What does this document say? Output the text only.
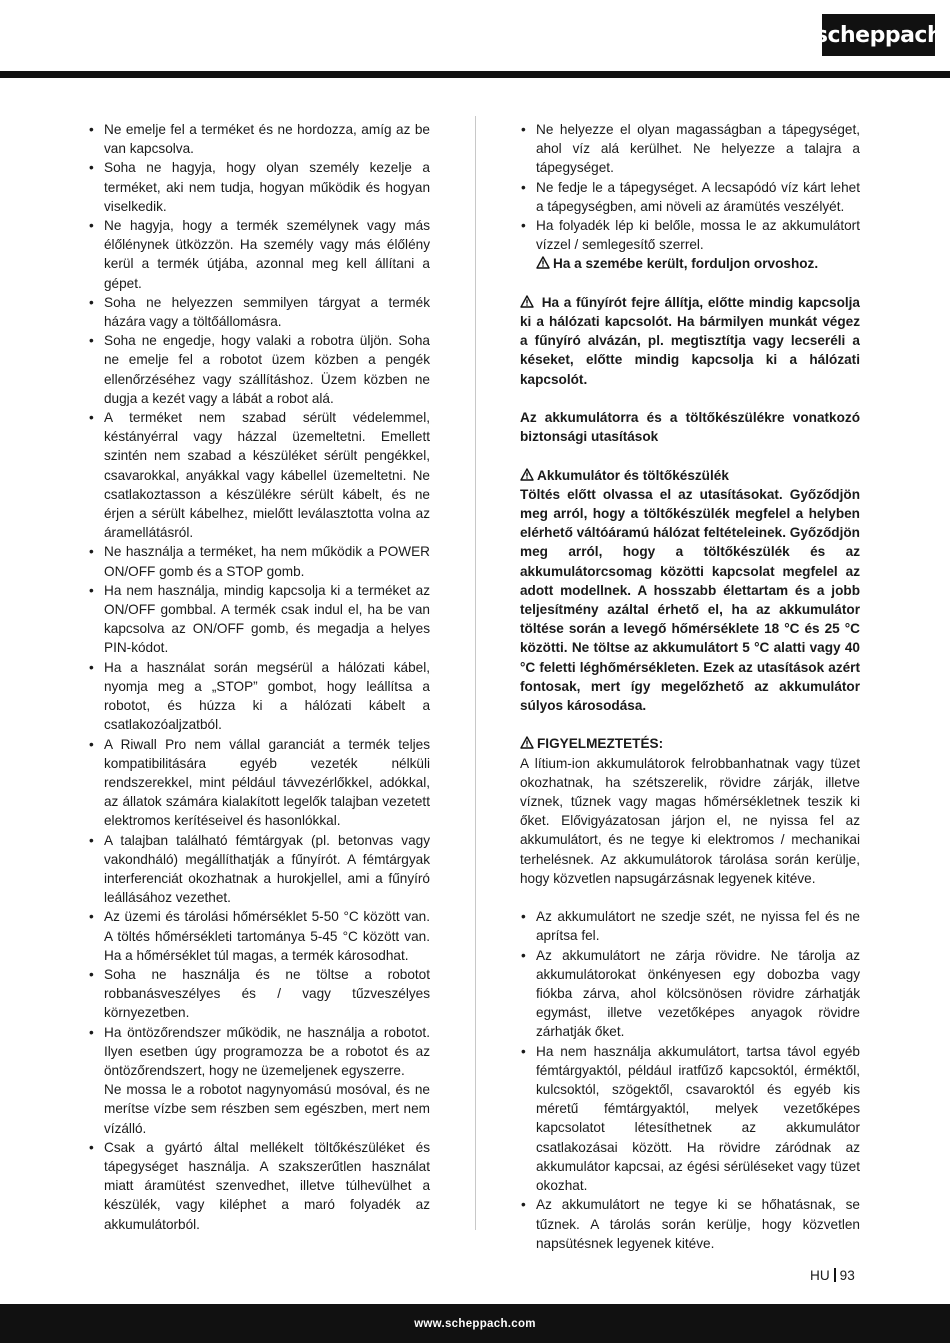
scheppach
• Ne emelje fel a terméket és ne hordozza, amíg az be van kapcsolva.
• Soha ne hagyja, hogy olyan személy kezelje a terméket, aki nem tudja, hogyan működik és hogyan viselkedik.
• Ne hagyja, hogy a termék személynek vagy más élőlénynek ütközzön. Ha személy vagy más élőlény kerül a termék útjába, azonnal meg kell állítani a gépet.
• Soha ne helyezzen semmilyen tárgyat a termék házára vagy a töltőállomásra.
• Soha ne engedje, hogy valaki a robotra üljön. Soha ne emelje fel a robotot üzem közben a pengék ellenőrzéséhez vagy szállításhoz. Üzem közben ne dugja a kezét vagy a lábát a robot alá.
• A terméket nem szabad sérült védelemmel, késtányérral vagy házzal üzemeltetni. Emellett szintén nem szabad a készüléket sérült pengékkel, csavarokkal, anyákkal vagy kábellel üzemeltetni. Ne csatlakoztasson a készülékre sérült kábelt, és ne érjen a sérült kábelhez, mielőtt leválasztotta volna az áramellátásról.
• Ne használja a terméket, ha nem működik a POWER ON/OFF gomb és a STOP gomb.
• Ha nem használja, mindig kapcsolja ki a terméket az ON/OFF gombbal. A termék csak indul el, ha be van kapcsolva az ON/OFF gomb, és megadja a helyes PIN-kódot.
• Ha a használat során megsérül a hálózati kábel, nyomja meg a „STOP” gombot, hogy leállítsa a robotot, és húzza ki a hálózati kábelt a csatlakozóaljzatból.
• A Riwall Pro nem vállal garanciát a termék teljes kompatibilitására egyéb vezeték nélküli rendszerekkel, mint például távvezérlőkkel, adókkal, az állatok számára kialakított legelők talajban vezetett elektromos kerítéseivel és hasonlókkal.
• A talajban található fémtárgyak (pl. betonvas vagy vakondháló) megállíthatják a fűnyírót. A fémtárgyak interferenciát okozhatnak a hurokjellel, ami a fűnyíró leállásához vezethet.
• Az üzemi és tárolási hőmérséklet 5-50 °C között van. A töltés hőmérsékleti tartománya 5-45 °C között van. Ha a hőmérséklet túl magas, a termék károsodhat.
• Soha ne használja és ne töltse a robotot robbanásveszélyes és / vagy tűzveszélyes környezetben.
• Ha öntözőrendszer működik, ne használja a robotot. Ilyen esetben úgy programozza be a robotot és az öntözőrendszert, hogy ne üzemeljenek egyszerre.

Ne mossa le a robotot nagynyomású mosóval, és ne merítse vízbe sem részben sem egészben, mert nem vízálló.

• Csak a gyártó által mellékelt töltőkészüléket és tápegységet használja. A szakszerűtlen használat miatt áramütést szenvedhet, illetve túlhevülhet a készülék, vagy kiléphet a maró folyadék az akkumulátorból.
• Ne helyezze el olyan magasságban a tápegységet, ahol víz alá kerülhet. Ne helyezze a talajra a tápegységet.
• Ne fedje le a tápegységet. A lecsapódó víz kárt lehet a tápegységben, ami növeli az áramütés veszélyét.
• Ha folyadék lép ki belőle, mossa le az akkumulátort vízzel / semlegesítő szerrel.

Ha a szemébe került, forduljon orvoshoz.

Ha a fűnyírót fejre állítja, előtte mindig kapcsolja ki a hálózati kapcsolót. Ha bármilyen munkát végez a fűnyíró alvázán, pl. megtisztítja vagy lecseréli a késeket, előtte mindig kapcsolja ki a hálózati kapcsolót.

Az akkumulátorra és a töltőkészülékre vonatkozó biztonsági utasítások

Akkumulátor és töltőkészülék

Töltés előtt olvassa el az utasításokat. Győződjön meg arról, hogy a töltőkészülék megfelel a helyben elérhető váltóáramú hálózat feltételeinek. Győződjön meg arról, hogy a töltőkészülék és az akkumulátorcsomag közötti kapcsolat megfelel az adott modellnek. A hosszabb élettartam és a jobb teljesítmény azáltal érhető el, ha az akkumulátor töltése során a levegő hőmérséklete 18 °C és 25 °C közötti. Ne töltse az akkumulátort 5 °C alatti vagy 40 °C feletti léghőmérsékleten. Ezek az utasítások azért fontosak, mert így megelőzhető az akkumulátor súlyos károsodása.

FIGYELMEZTETÉS:

A lítium-ion akkumulátorok felrobbanhatnak vagy tüzet okozhatnak, ha szétszerelik, rövidre zárják, illetve víznek, tűznek vagy magas hőmérsékletnek teszik ki őket. Elővigyázatosan járjon el, ne nyissa fel az akkumulátort, és ne tegye ki elektromos / mechanikai terhelésnek. Az akkumulátorok tárolása során kerülje, hogy közvetlen napsugárzásnak legyenek kitéve.

• Az akkumulátort ne szedje szét, ne nyissa fel és ne aprítsa fel.
• Az akkumulátort ne zárja rövidre. Ne tárolja az akkumulátorokat önkényesen egy dobozba vagy fiókba zárva, ahol kölcsönösen rövidre zárhatják egymást, illetve vezetőképes anyagok rövidre zárhatják őket.
• Ha nem használja akkumulátort, tartsa távol egyéb fémtárgyaktól, például iratfűző kapcsoktól, érméktől, kulcsoktól, szögektől, csavaroktól és egyéb kis méretű fémtárgyaktól, melyek vezetőképes kapcsolatot létesíthetnek az akkumulátor csatlakozásai között. Ha rövidre záródnak az akkumulátor kapcsai, az égési sérüléseket vagy tüzet okozhat.
• Az akkumulátort ne tegye ki se hőhatásnak, se tűznek. A tárolás során kerülje, hogy közvetlen napsütésnek legyenek kitéve.
HU 93
www.scheppach.com
